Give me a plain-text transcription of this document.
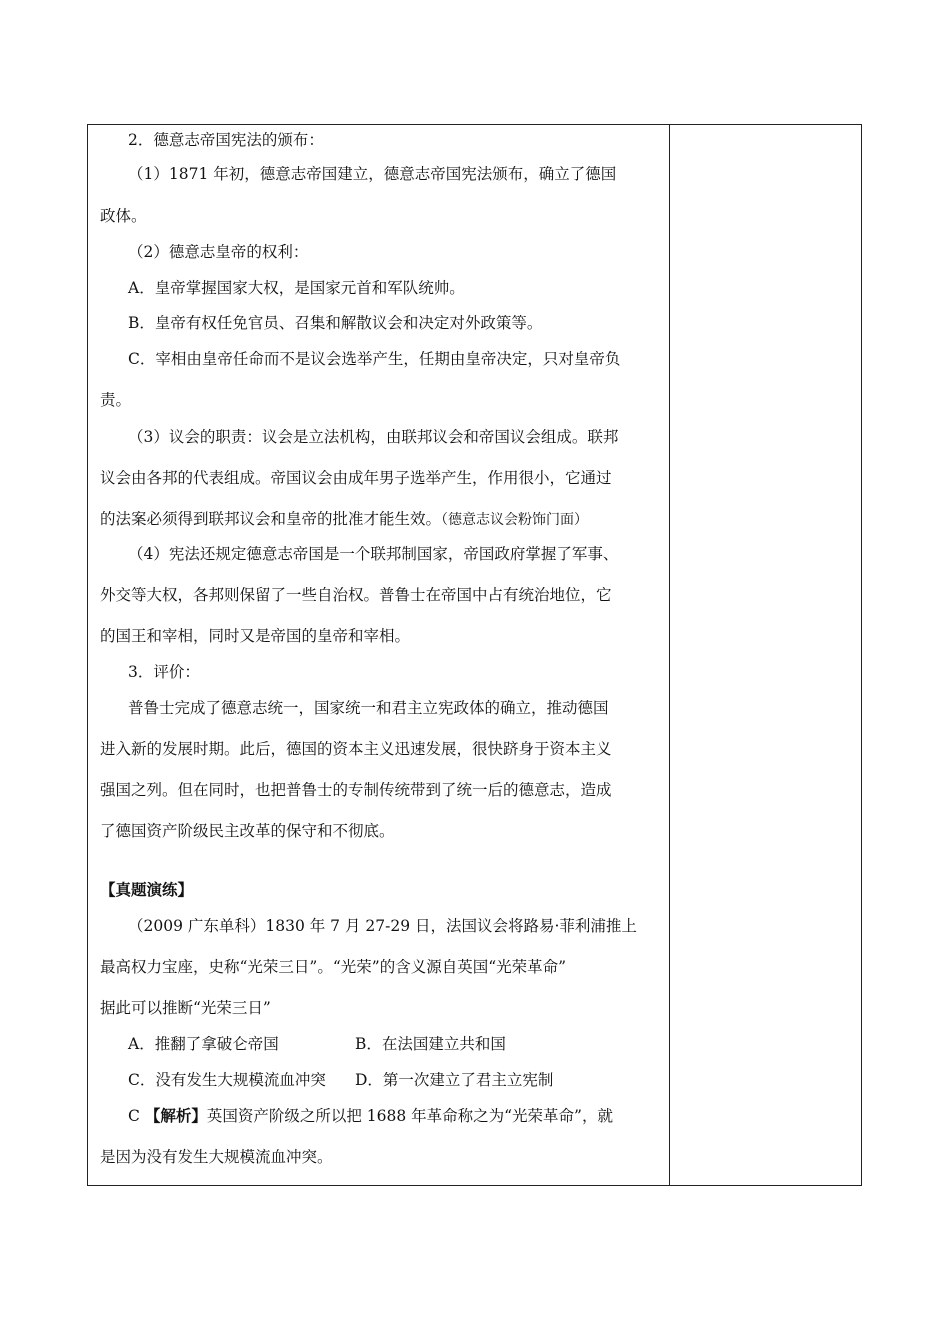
2．德意志帝国宪法的颁布：
（1）1871 年初，德意志帝国建立，德意志帝国宪法颁布，确立了德国
政体。
（2）德意志皇帝的权利：
A．皇帝掌握国家大权，是国家元首和军队统帅。
B．皇帝有权任免官员、召集和解散议会和决定对外政策等。
C．宰相由皇帝任命而不是议会选举产生，任期由皇帝决定，只对皇帝负
责。
（3）议会的职责：议会是立法机构，由联邦议会和帝国议会组成。联邦
议会由各邦的代表组成。帝国议会由成年男子选举产生，作用很小，它通过
的法案必须得到联邦议会和皇帝的批准才能生效。（德意志议会粉饰门面）
（4）宪法还规定德意志帝国是一个联邦制国家，帝国政府掌握了军事、
外交等大权，各邦则保留了一些自治权。普鲁士在帝国中占有统治地位，它
的国王和宰相，同时又是帝国的皇帝和宰相。
3．评价：
普鲁士完成了德意志统一，国家统一和君主立宪政体的确立，推动德国
进入新的发展时期。此后，德国的资本主义迅速发展，很快跻身于资本主义
强国之列。但在同时，也把普鲁士的专制传统带到了统一后的德意志，造成
了德国资产阶级民主改革的保守和不彻底。
【真题演练】
（2009 广东单科）1830 年 7 月 27-29 日，法国议会将路易·菲利浦推上
最高权力宝座，史称“光荣三日”。“光荣”的含义源自英国“光荣革命”
据此可以推断“光荣三日”
A．推翻了拿破仑帝国	B．在法国建立共和国
C．没有发生大规模流血冲突 D．第一次建立了君主立宪制
C 【解析】英国资产阶级之所以把 1688 年革命称之为“光荣革命”，就
是因为没有发生大规模流血冲突。
